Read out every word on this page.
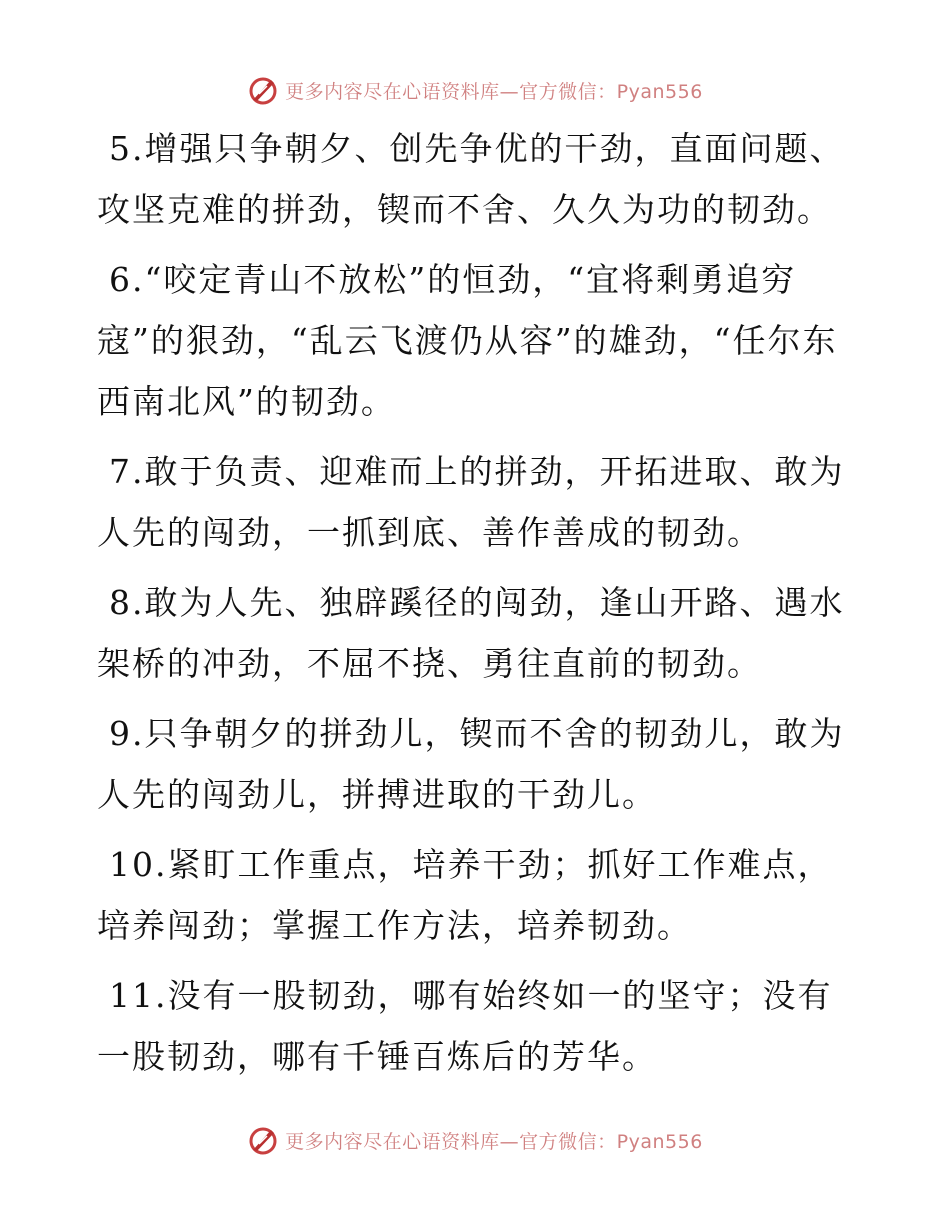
更多内容尽在心语资料库—官方微信：Pyan556

5.增强只争朝夕、创先争优的干劲，直面问题、攻坚克难的拼劲，锲而不舍、久久为功的韧劲。

6.“咬定青山不放松”的恒劲，“宜将剩勇追穷寇”的狠劲，“乱云飞渡仍从容”的雄劲，“任尔东西南北风”的韧劲。

7.敢于负责、迎难而上的拼劲，开拓进取、敢为人先的闯劲，一抓到底、善作善成的韧劲。

8.敢为人先、独辟蹊径的闯劲，逢山开路、遇水架桥的冲劲，不屈不挠、勇往直前的韧劲。

9.只争朝夕的拼劲儿，锲而不舍的韧劲儿，敢为人先的闯劲儿，拼搏进取的干劲儿。

10.紧盯工作重点，培养干劲；抓好工作难点，培养闯劲；掌握工作方法，培养韧劲。

11.没有一股韧劲，哪有始终如一的坚守；没有一股韧劲，哪有千锤百炼后的芳华。

更多内容尽在心语资料库—官方微信：Pyan556
